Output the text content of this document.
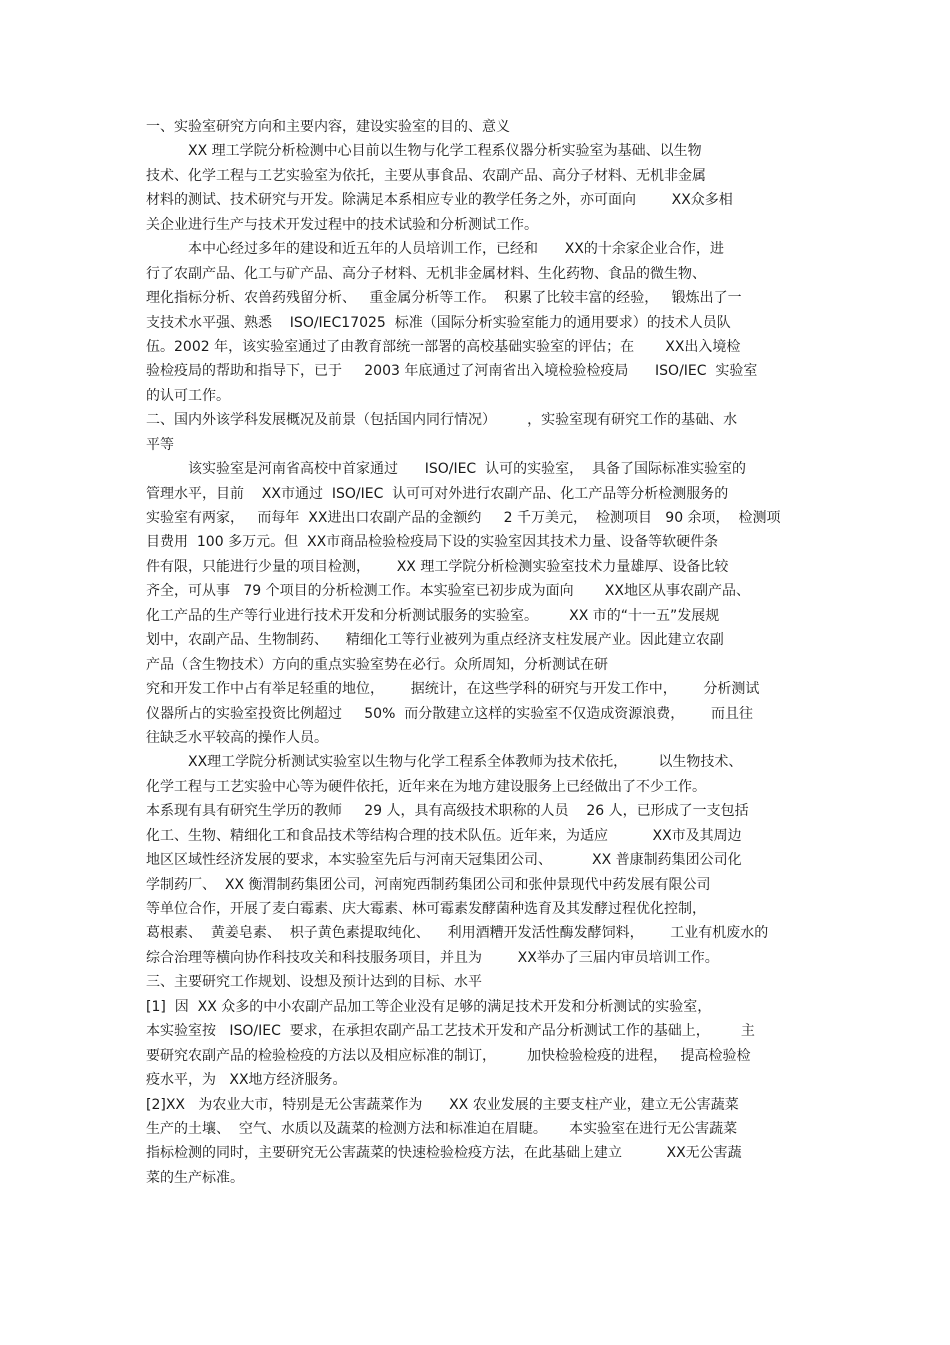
一、实验室研究方向和主要内容，建设实验室的目的、意义
XX 理工学院分析检测中心目前以生物与化学工程系仪器分析实验室为基础、以生物
技术、化学工程与工艺实验室为依托，主要从事食品、农副产品、高分子材料、无机非金属
材料的测试、技术研究与开发。除满足本系相应专业的教学任务之外，亦可面向        XX众多相
关企业进行生产与技术开发过程中的技术试验和分析测试工作。
本中心经过多年的建设和近五年的人员培训工作，已经和      XX的十余家企业合作，进
行了农副产品、化工与矿产品、高分子材料、无机非金属材料、生化药物、食品的微生物、
理化指标分析、农兽药残留分析、   重金属分析等工作。  积累了比较丰富的经验，   锻炼出了一
支技术水平强、熟悉    ISO/IEC17025  标准（国际分析实验室能力的通用要求）的技术人员队
伍。2002 年，该实验室通过了由教育部统一部署的高校基础实验室的评估；在       XX出入境检
验检疫局的帮助和指导下，已于     2003 年底通过了河南省出入境检验检疫局      ISO/IEC  实验室
的认可工作。
二、国内外该学科发展概况及前景（包括国内同行情况）       ，实验室现有研究工作的基础、水
平等
该实验室是河南省高校中首家通过      ISO/IEC  认可的实验室，  具备了国际标准实验室的
管理水平，目前    XX市通过  ISO/IEC  认可可对外进行农副产品、化工产品等分析检测服务的
实验室有两家，   而每年  XX进出口农副产品的金额约     2 千万美元，  检测项目   90 余项，  检测项
目费用  100 多万元。但  XX市商品检验检疫局下设的实验室因其技术力量、设备等软硬件条
件有限，只能进行少量的项目检测，      XX 理工学院分析检测实验室技术力量雄厚、设备比较
齐全，可从事   79 个项目的分析检测工作。本实验室已初步成为面向       XX地区从事农副产品、
化工产品的生产等行业进行技术开发和分析测试服务的实验室。       XX 市的“十一五”发展规
划中，农副产品、生物制药、    精细化工等行业被列为重点经济支柱发展产业。因此建立农副
产品（含生物技术）方向的重点实验室势在必行。众所周知，分析测试在研
究和开发工作中占有举足轻重的地位，      据统计，在这些学科的研究与开发工作中，      分析测试
仪器所占的实验室投资比例超过     50%  而分散建立这样的实验室不仅造成资源浪费，      而且往
往缺乏水平较高的操作人员。
XX理工学院分析测试实验室以生物与化学工程系全体教师为技术依托，       以生物技术、
化学工程与工艺实验中心等为硬件依托，近年来在为地方建设服务上已经做出了不少工作。
本系现有具有研究生学历的教师     29 人，具有高级技术职称的人员    26 人，已形成了一支包括
化工、生物、精细化工和食品技术等结构合理的技术队伍。近年来，为适应          XX市及其周边
地区区域性经济发展的要求，本实验室先后与河南天冠集团公司、         XX 普康制药集团公司化
学制药厂、  XX 衡渭制药集团公司，河南宛西制药集团公司和张仲景现代中药发展有限公司
等单位合作，开展了麦白霉素、庆大霉素、林可霉素发酵菌种选育及其发酵过程优化控制，
葛根素、  黄姜皂素、  枳子黄色素提取纯化、    利用酒糟开发活性酶发酵饲料，      工业有机废水的
综合治理等横向协作科技攻关和科技服务项目，并且为        XX举办了三届内审员培训工作。
三、主要研究工作规划、设想及预计达到的目标、水平
[1]  因  XX 众多的中小农副产品加工等企业没有足够的满足技术开发和分析测试的实验室，
本实验室按   ISO/IEC  要求，在承担农副产品工艺技术开发和产品分析测试工作的基础上，       主
要研究农副产品的检验检疫的方法以及相应标准的制订，       加快检验检疫的进程，   提高检验检
疫水平，为   XX地方经济服务。
[2]XX   为农业大市，特别是无公害蔬菜作为      XX 农业发展的主要支柱产业，建立无公害蔬菜
生产的土壤、  空气、水质以及蔬菜的检测方法和标准迫在眉睫。     本实验室在进行无公害蔬菜
指标检测的同时，主要研究无公害蔬菜的快速检验检疫方法，在此基础上建立          XX无公害蔬
菜的生产标准。
